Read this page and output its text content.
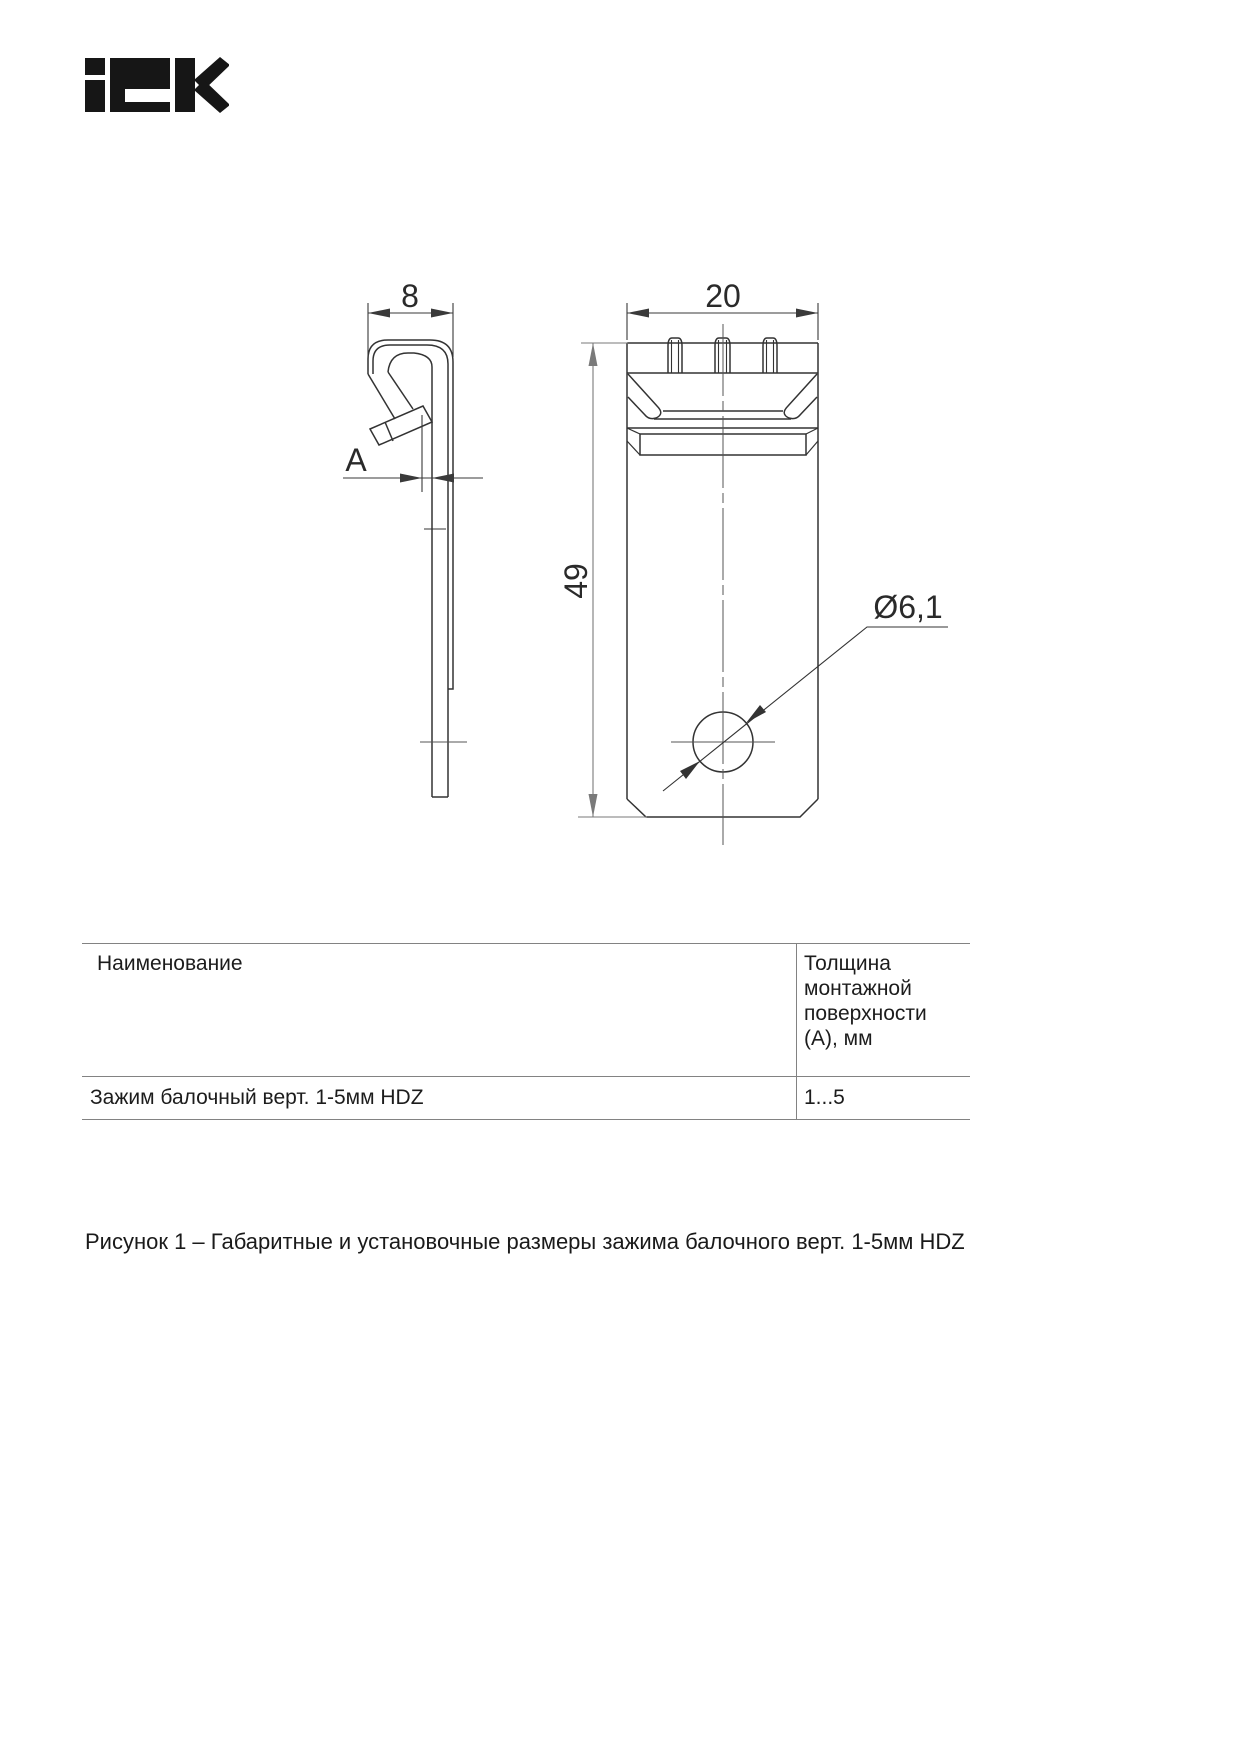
8
A
20
49
Ø6,1
Наименование	Толщина монтажной поверхности (А), мм
Зажим балочный верт. 1-5мм HDZ	1...5
Рисунок 1 – Габаритные и установочные размеры зажима балочного верт. 1-5мм HDZ
